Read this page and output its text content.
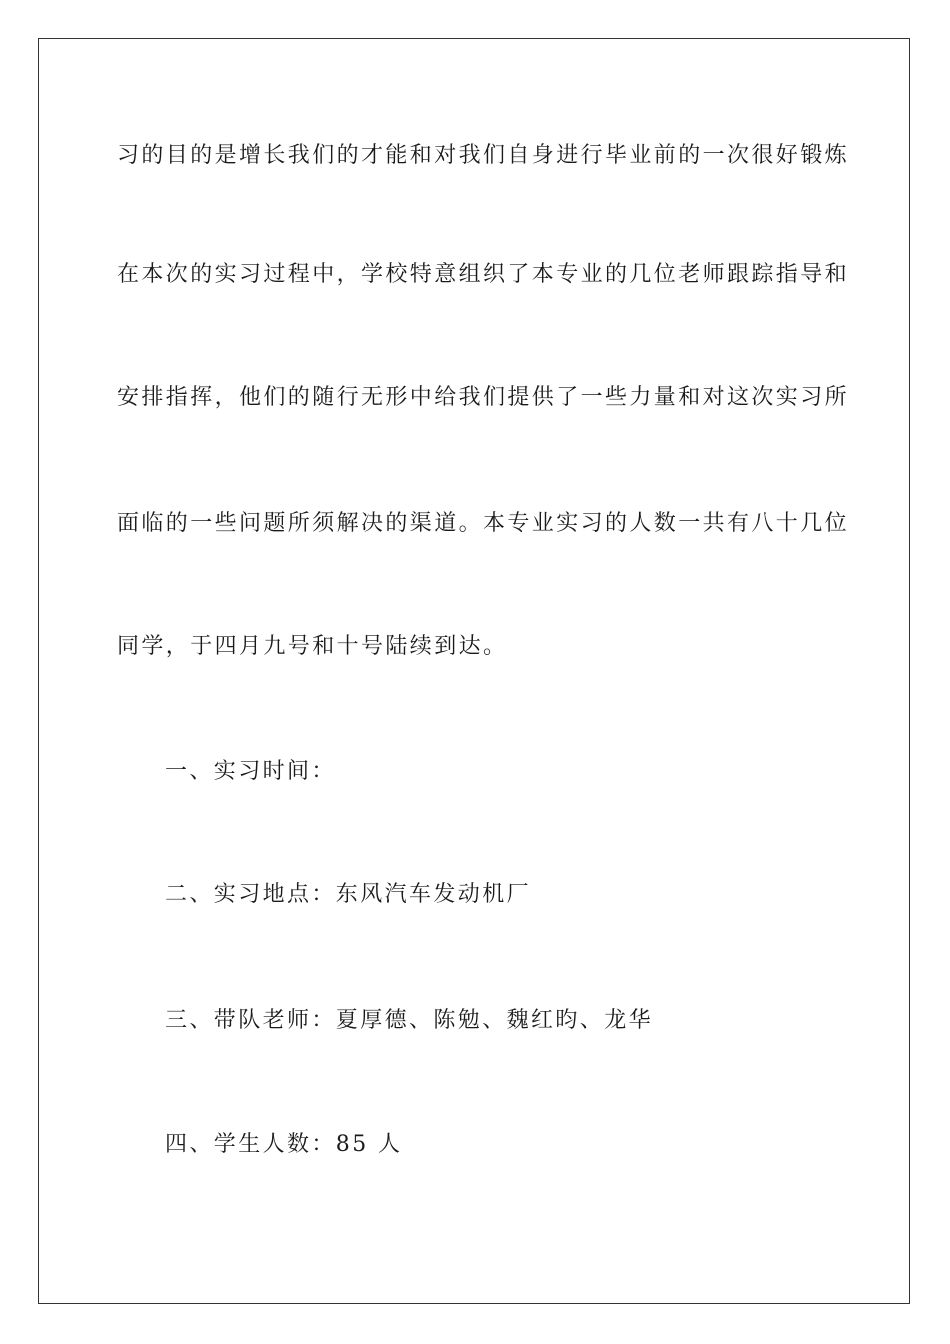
习的目的是增长我们的才能和对我们自身进行毕业前的一次很好锻炼
在本次的实习过程中，学校特意组织了本专业的几位老师跟踪指导和
安排指挥，他们的随行无形中给我们提供了一些力量和对这次实习所
面临的一些问题所须解决的渠道。本专业实习的人数一共有八十几位
同学，于四月九号和十号陆续到达。
一、实习时间：
二、实习地点：东风汽车发动机厂
三、带队老师：夏厚德、陈勉、魏红昀、龙华
四、学生人数：85 人
